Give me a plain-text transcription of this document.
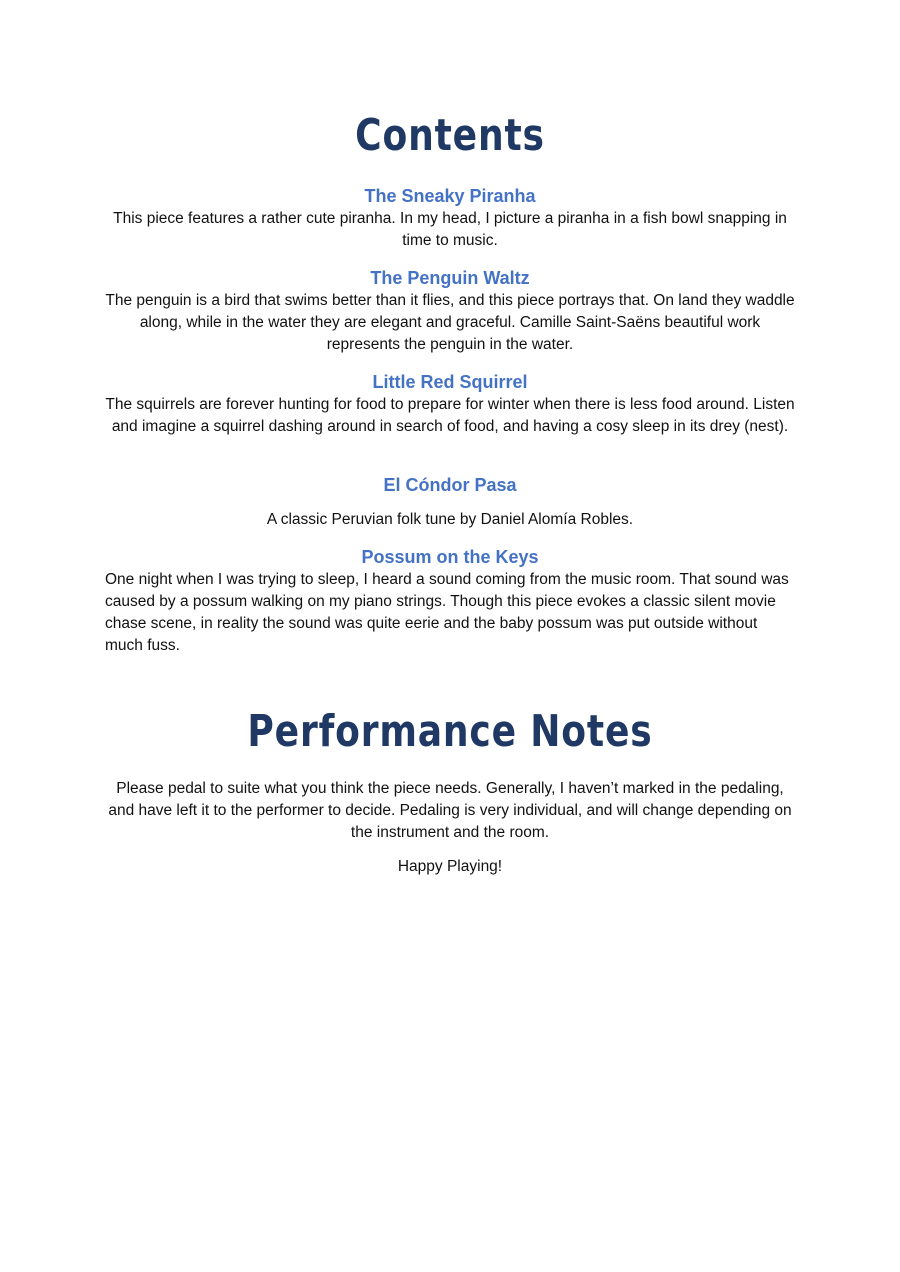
Contents
The Sneaky Piranha

This piece features a rather cute piranha. In my head, I picture a piranha in a fish bowl snapping in time to music.

The Penguin Waltz

The penguin is a bird that swims better than it flies, and this piece portrays that. On land they waddle along, while in the water they are elegant and graceful. Camille Saint-Saëns beautiful work represents the penguin in the water.

Little Red Squirrel

The squirrels are forever hunting for food to prepare for winter when there is less food around. Listen and imagine a squirrel dashing around in search of food, and having a cosy sleep in its drey (nest).

El Cóndor Pasa

A classic Peruvian folk tune by Daniel Alomía Robles.

Possum on the Keys

One night when I was trying to sleep, I heard a sound coming from the music room. That sound was caused by a possum walking on my piano strings. Though this piece evokes a classic silent movie chase scene, in reality the sound was quite eerie and the baby possum was put outside without much fuss.

Performance Notes

Please pedal to suite what you think the piece needs. Generally, I haven’t marked in the pedaling, and have left it to the performer to decide. Pedaling is very individual, and will change depending on the instrument and the room.

Happy Playing!
